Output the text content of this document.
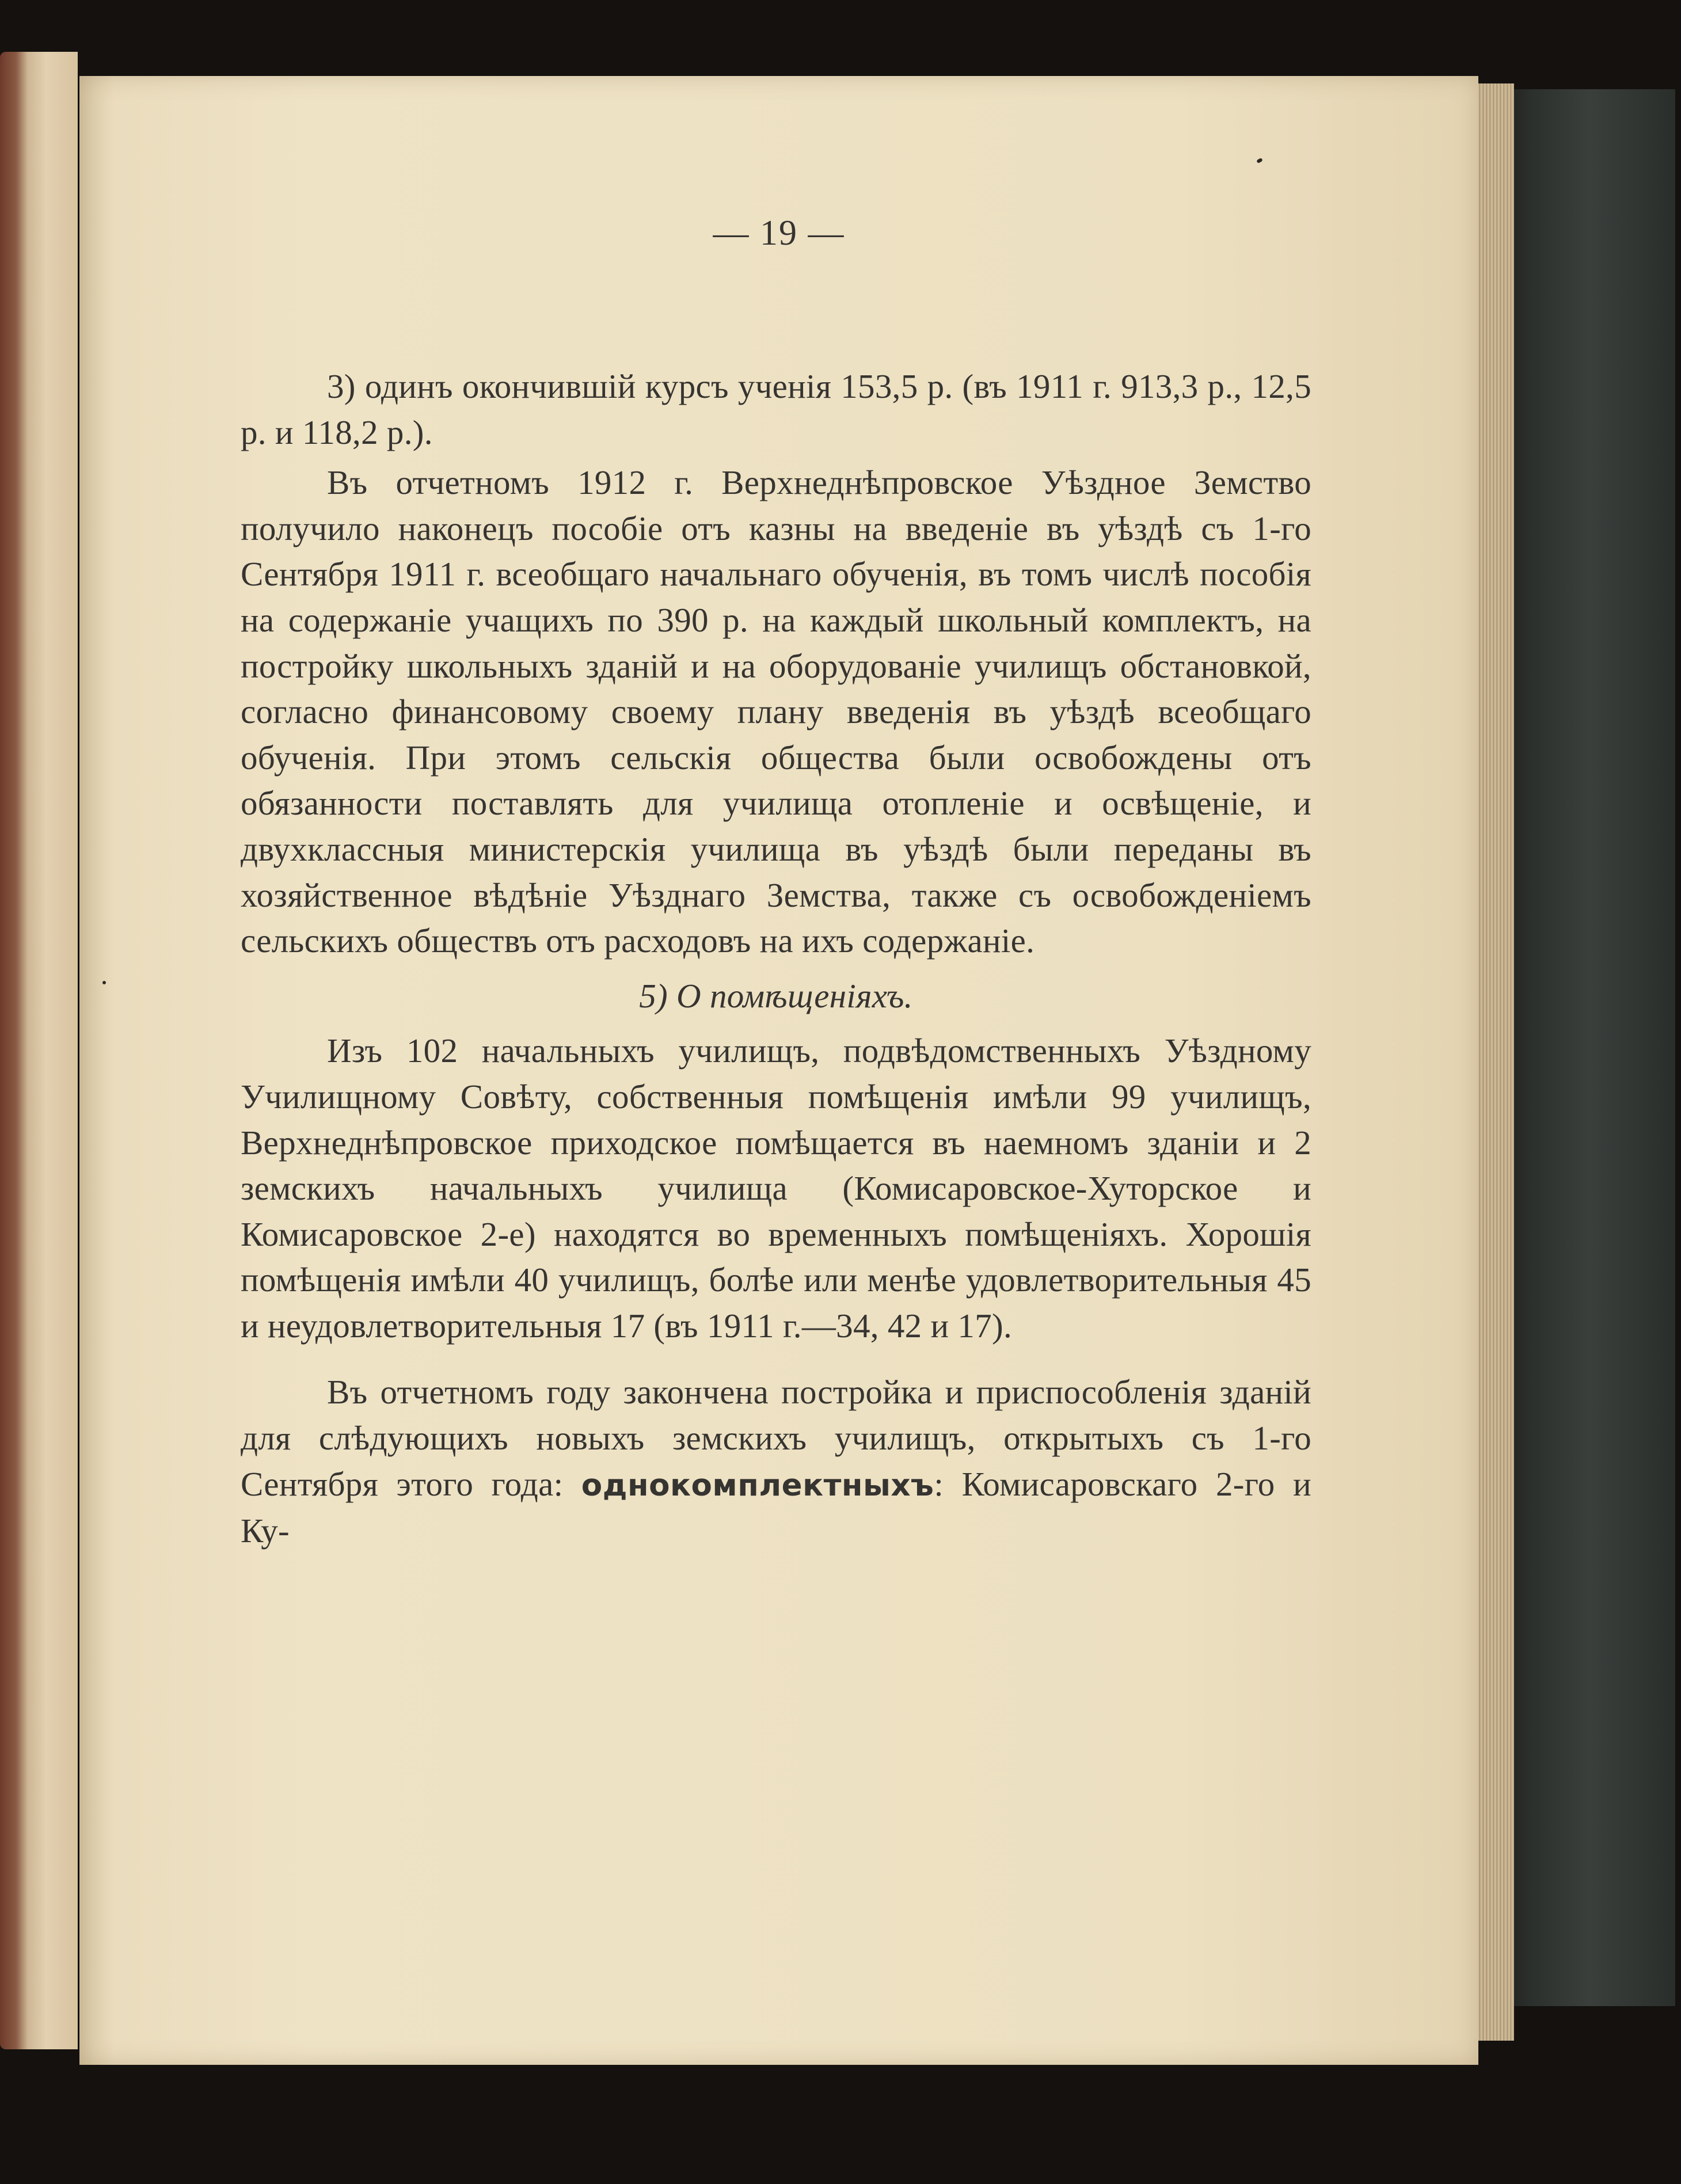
— 19 —

3) одинъ окончившій курсъ ученія 153,5 р. (въ 1911 г. 913,3 р., 12,5 р. и 118,2 р.).

Въ отчетномъ 1912 г. Верхнеднѣпровское Уѣздное Земство получило наконецъ пособіе отъ казны на введеніе въ уѣздѣ съ 1-го Сентября 1911 г. всеобщаго начальнаго обученія, въ томъ числѣ пособія на содержаніе учащихъ по 390 р. на каждый школьный комплектъ, на постройку школьныхъ зданій и на оборудованіе училищъ обстановкой, согласно финансовому своему плану введенія въ уѣздѣ всеобщаго обученія. При этомъ сельскія общества были освобождены отъ обязанности поставлять для училища отопленіе и освѣщеніе, и двухклассныя министерскія училища въ уѣздѣ были переданы въ хозяйственное вѣдѣніе Уѣзднаго Земства, также съ освобожденіемъ сельскихъ обществъ отъ расходовъ на ихъ содержаніе.

5) О помѣщеніяхъ.

Изъ 102 начальныхъ училищъ, подвѣдомственныхъ Уѣздному Училищному Совѣту, собственныя помѣщенія имѣли 99 училищъ, Верхнеднѣпровское приходское помѣщается въ наемномъ зданіи и 2 земскихъ начальныхъ училища (Комисаровское-Хуторское и Комисаровское 2-е) находятся во временныхъ помѣщеніяхъ. Хорошія помѣщенія имѣли 40 училищъ, болѣе или менѣе удовлетворительныя 45 и неудовлетворительныя 17 (въ 1911 г.—34, 42 и 17).

Въ отчетномъ году закончена постройка и приспособленія зданій для слѣдующихъ новыхъ земскихъ училищъ, открытыхъ съ 1-го Сентября этого года: однокомплектныхъ: Комисаровскаго 2-го и Ку-
